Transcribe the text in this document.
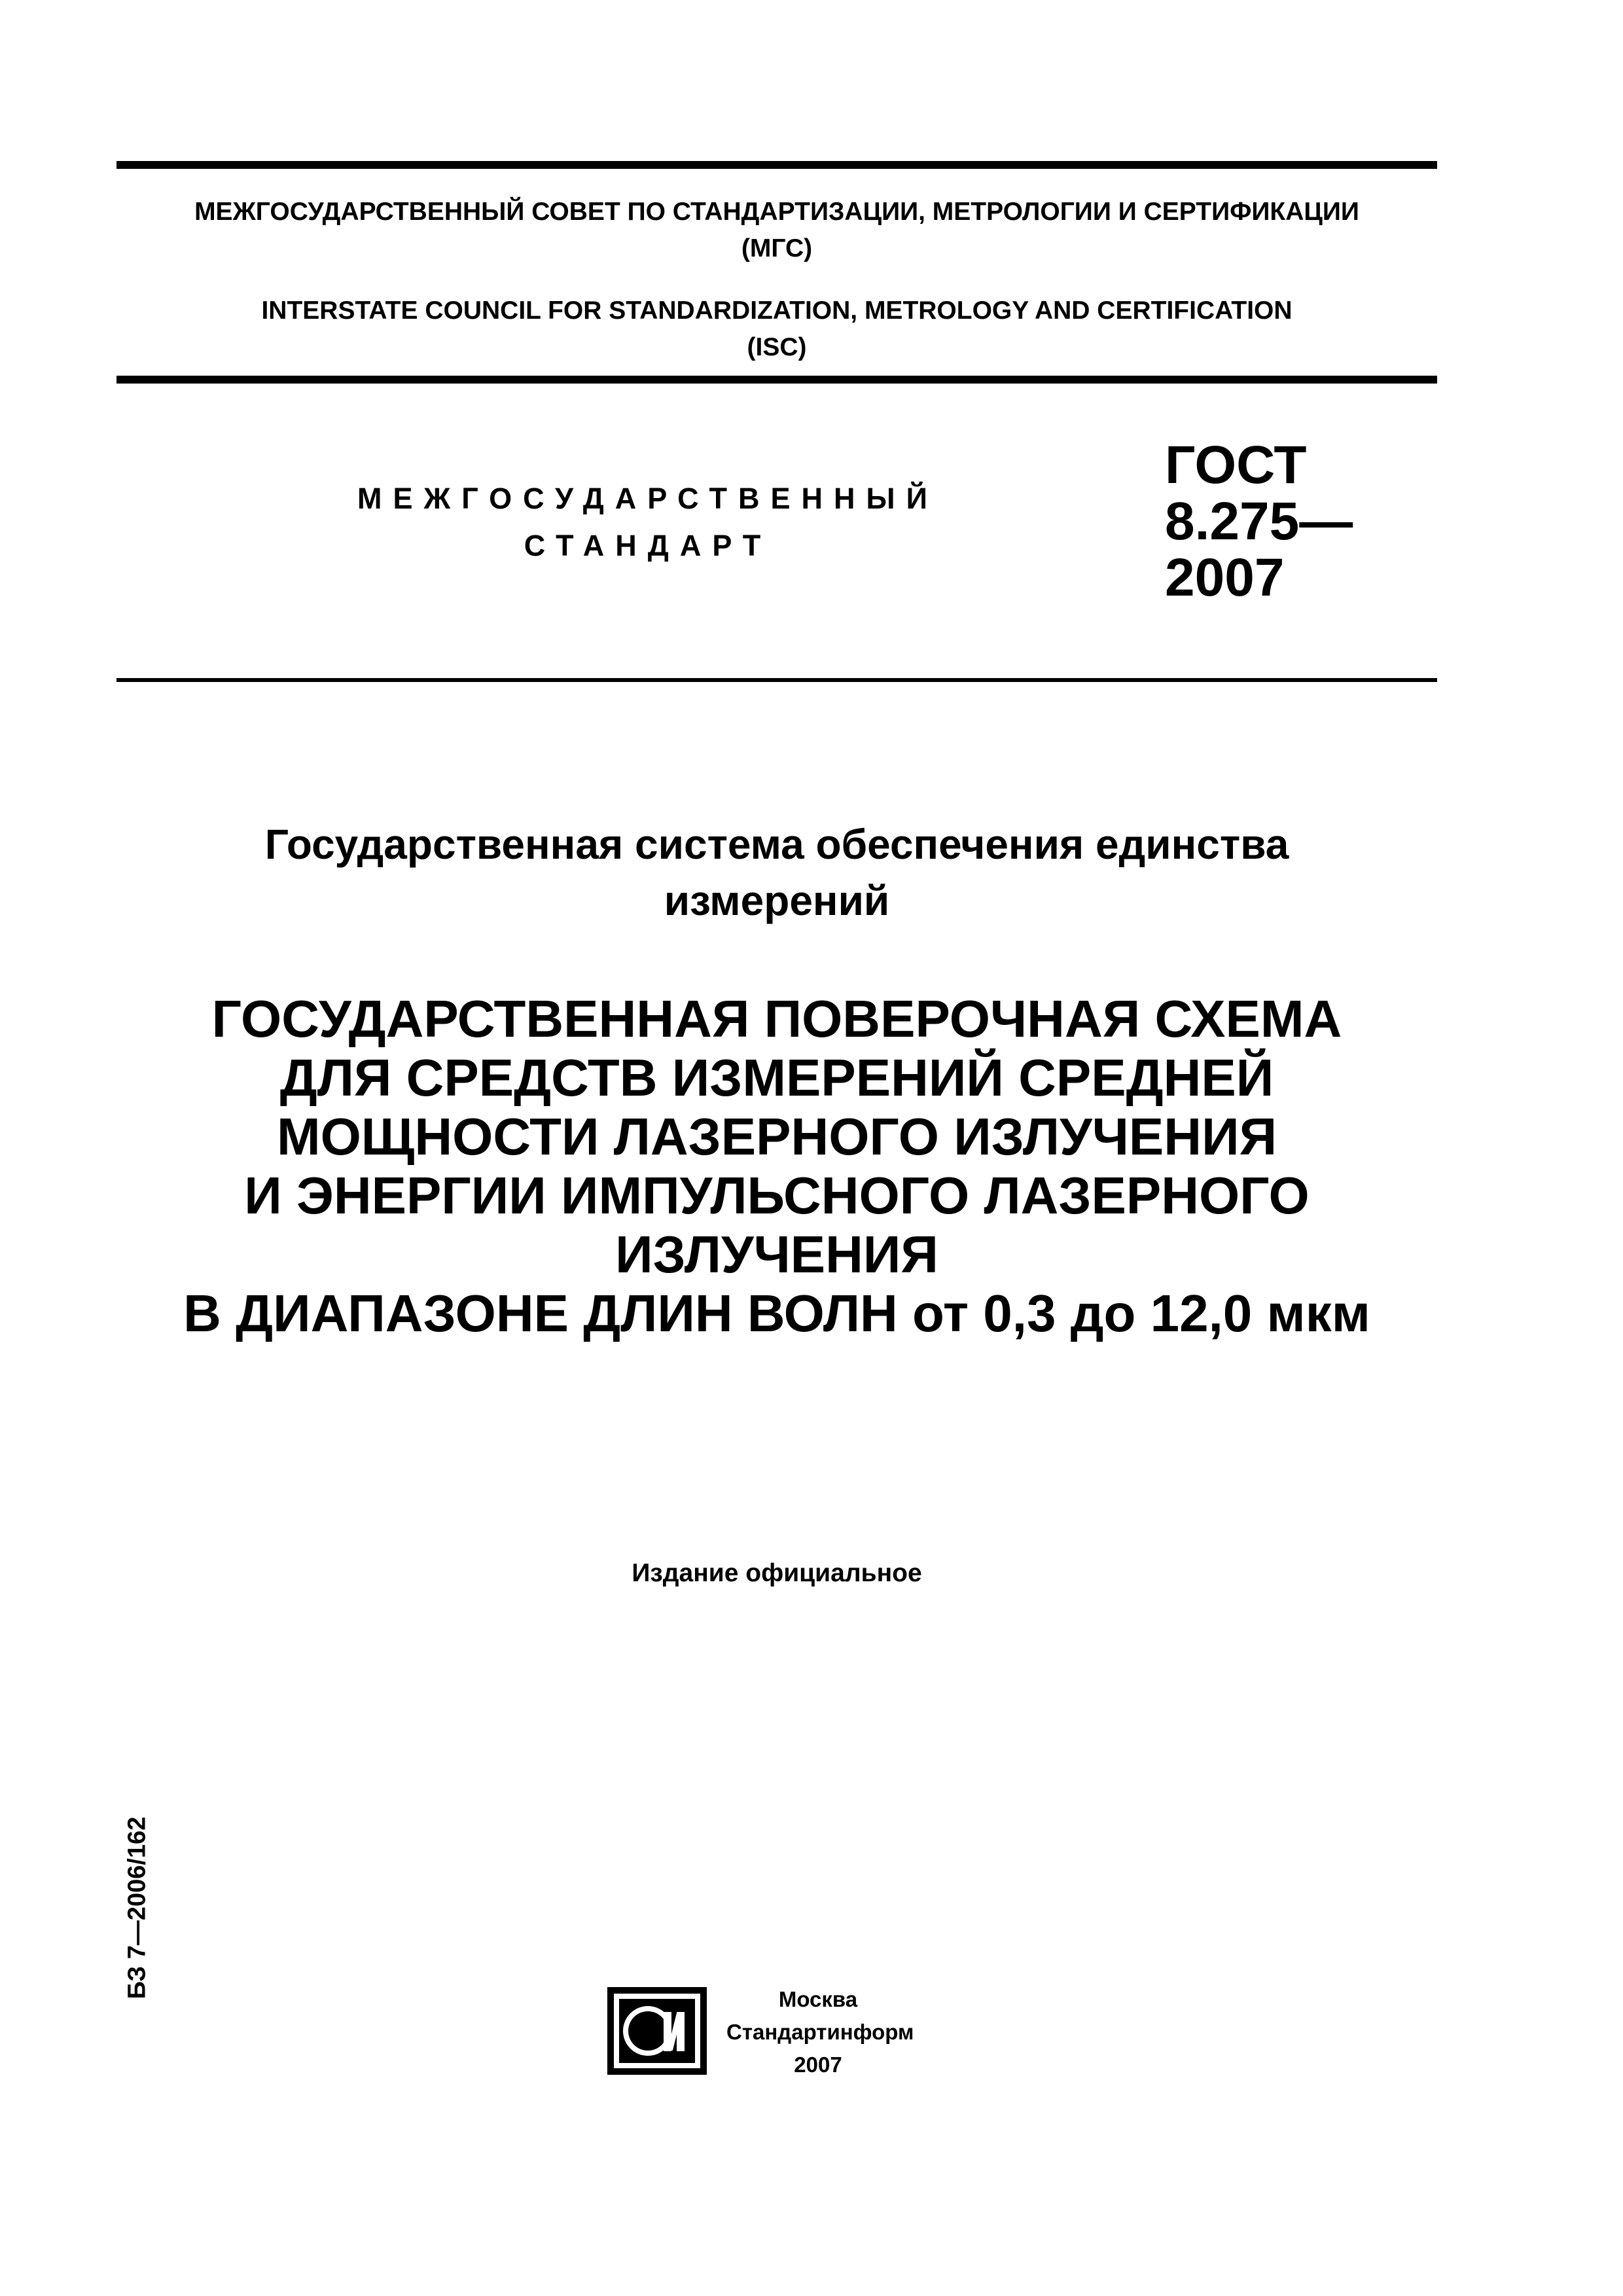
МЕЖГОСУДАРСТВЕННЫЙ СОВЕТ ПО СТАНДАРТИЗАЦИИ, МЕТРОЛОГИИ И СЕРТИФИКАЦИИ
(МГС)
INTERSTATE COUNCIL FOR STANDARDIZATION, METROLOGY AND CERTIFICATION
(ISC)
МЕЖГОСУДАРСТВЕННЫЙ
СТАНДАРТ
ГОСТ
8.275—
2007
Государственная система обеспечения единства
измерений
ГОСУДАРСТВЕННАЯ ПОВЕРОЧНАЯ СХЕМА
ДЛЯ СРЕДСТВ ИЗМЕРЕНИЙ СРЕДНЕЙ
МОЩНОСТИ ЛАЗЕРНОГО ИЗЛУЧЕНИЯ
И ЭНЕРГИИ ИМПУЛЬСНОГО ЛАЗЕРНОГО
ИЗЛУЧЕНИЯ
В ДИАПАЗОНЕ ДЛИН ВОЛН от 0,3 до 12,0 мкм
Издание официальное
БЗ 7—2006/162
Москва
Стандартинформ
2007
